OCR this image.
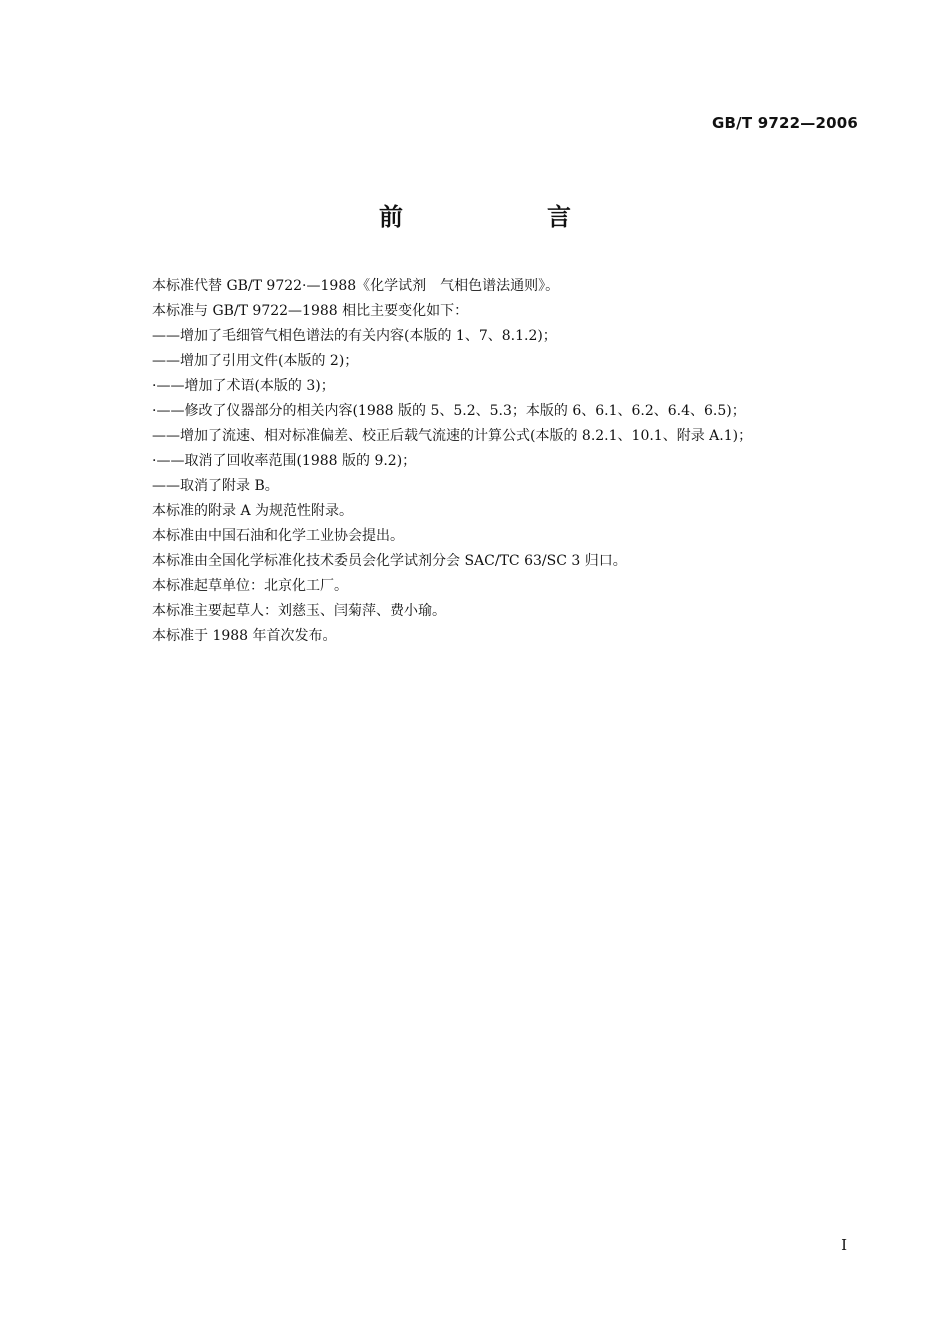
GB/T 9722—2006
前　言
本标准代替 GB/T 9722·—1988《化学试剂　气相色谱法通则》。
本标准与 GB/T 9722—1988 相比主要变化如下：
——增加了毛细管气相色谱法的有关内容(本版的 1、7、8.1.2)；
——增加了引用文件(本版的 2)；
·——增加了术语(本版的 3)；
·——修改了仪器部分的相关内容(1988 版的 5、5.2、5.3；本版的 6、6.1、6.2、6.4、6.5)；
——增加了流速、相对标准偏差、校正后载气流速的计算公式(本版的 8.2.1、10.1、附录 A.1)；
·——取消了回收率范围(1988 版的 9.2)；
——取消了附录 B。
本标准的附录 A 为规范性附录。
本标准由中国石油和化学工业协会提出。
本标准由全国化学标准化技术委员会化学试剂分会 SAC/TC 63/SC 3 归口。
本标准起草单位：北京化工厂。
本标准主要起草人：刘慈玉、闫菊萍、费小瑜。
本标准于 1988 年首次发布。
I
